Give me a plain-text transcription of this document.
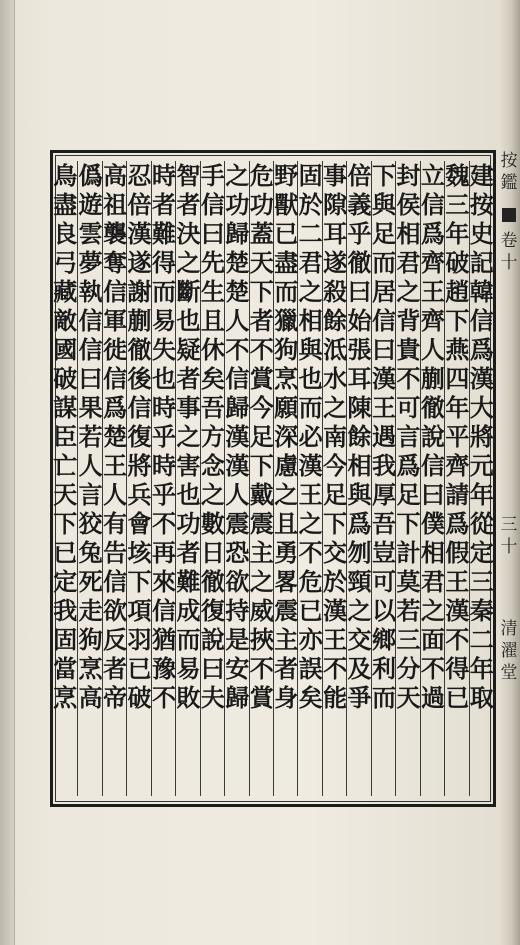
建按史記韓信爲漢大將元年從定三秦二年取
魏三年破趙下燕四年平齊請爲假王漢不得已
立信爲齊王齊人蒯徹說信曰僕相君之面不過
封侯相君之背貴不可言爲足下計莫若三分天
下與足而居信曰漢王遇我厚吾豈可以鄉利而
倍義乎徹曰始張耳陳餘相與爲刎頸之交及爭
事隙耳遂殺餘泜水之南今足下交於漢王不能
固於二君之相與也而必漢王之不危已亦誤矣
野獸已盡而獵狗烹願深慮之且勇畧震主者身
危功蓋天下者不賞今足下戴震主之威挾不賞
之功歸楚楚人不信歸漢漢人震恐欲持是安歸
手信曰先生且休矣吾方念之數日徹復說曰夫
智者決之斷也疑者事之害也功者難成而易敗
時者難得而易失也時乎時乎不再來信猶豫不
忍倍漢遂謝蒯徹後信復將兵會垓下項羽已破
高祖襲奪信軍徙信爲楚王人有告信欲反者帝
僞遊雲夢執信信曰果若人言狡兔死走狗烹高
鳥盡良弓藏敵國破謀臣亡天下已定我固當烹
按鑑
卷十
三十
清濯堂
